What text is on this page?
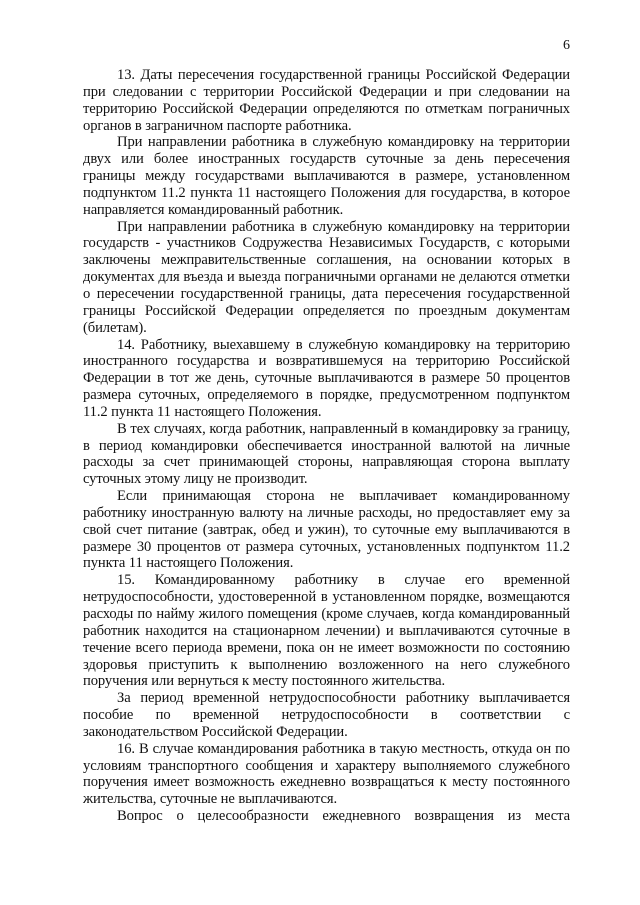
6

13. Даты пересечения государственной границы Российской Федерации при следовании с территории Российской Федерации и при следовании на территорию Российской Федерации определяются по отметкам пограничных органов в заграничном паспорте работника.

При направлении работника в служебную командировку на территории двух или более иностранных государств суточные за день пересечения границы между государствами выплачиваются в размере, установленном подпунктом 11.2 пункта 11 настоящего Положения для государства, в которое направляется командированный работник.

При направлении работника в служебную командировку на территории государств - участников Содружества Независимых Государств, с которыми заключены межправительственные соглашения, на основании которых в документах для въезда и выезда пограничными органами не делаются отметки о пересечении государственной границы, дата пересечения государственной границы Российской Федерации определяется по проездным документам (билетам).

14. Работнику, выехавшему в служебную командировку на территорию иностранного государства и возвратившемуся на территорию Российской Федерации в тот же день, суточные выплачиваются в размере 50 процентов размера суточных, определяемого в порядке, предусмотренном подпунктом 11.2 пункта 11 настоящего Положения.

В тех случаях, когда работник, направленный в командировку за границу, в период командировки обеспечивается иностранной валютой на личные расходы за счет принимающей стороны, направляющая сторона выплату суточных этому лицу не производит.

Если принимающая сторона не выплачивает командированному работнику иностранную валюту на личные расходы, но предоставляет ему за свой счет питание (завтрак, обед и ужин), то суточные ему выплачиваются в размере 30 процентов от размера суточных, установленных подпунктом 11.2 пункта 11 настоящего Положения.

15. Командированному работнику в случае его временной нетрудоспособности, удостоверенной в установленном порядке, возмещаются расходы по найму жилого помещения (кроме случаев, когда командированный работник находится на стационарном лечении) и выплачиваются суточные в течение всего периода времени, пока он не имеет возможности по состоянию здоровья приступить к выполнению возложенного на него служебного поручения или вернуться к месту постоянного жительства.

За период временной нетрудоспособности работнику выплачивается пособие по временной нетрудоспособности в соответствии с законодательством Российской Федерации.

16. В случае командирования работника в такую местность, откуда он по условиям транспортного сообщения и характеру выполняемого служебного поручения имеет возможность ежедневно возвращаться к месту постоянного жительства, суточные не выплачиваются.

Вопрос о целесообразности ежедневного возвращения из места
